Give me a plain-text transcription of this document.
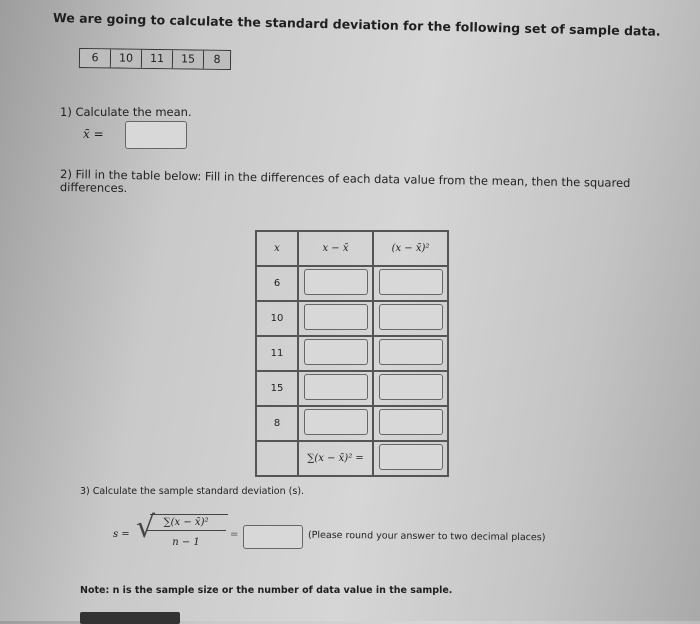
We are going to calculate the standard deviation for the following set of sample data.
6	10	11	15	8
1) Calculate the mean.
x̄ =
2) Fill in the table below: Fill in the differences of each data value from the mean, then the squared differences.
x	x − x̄	(x − x̄)²
6		
10		
11		
15		
8		
	∑(x − x̄)² =	
3) Calculate the sample standard deviation (s).
s = √ ∑(x − x̄)²
n − 1
=	(Please round your answer to two decimal places)
Note: n is the sample size or the number of data value in the sample.
